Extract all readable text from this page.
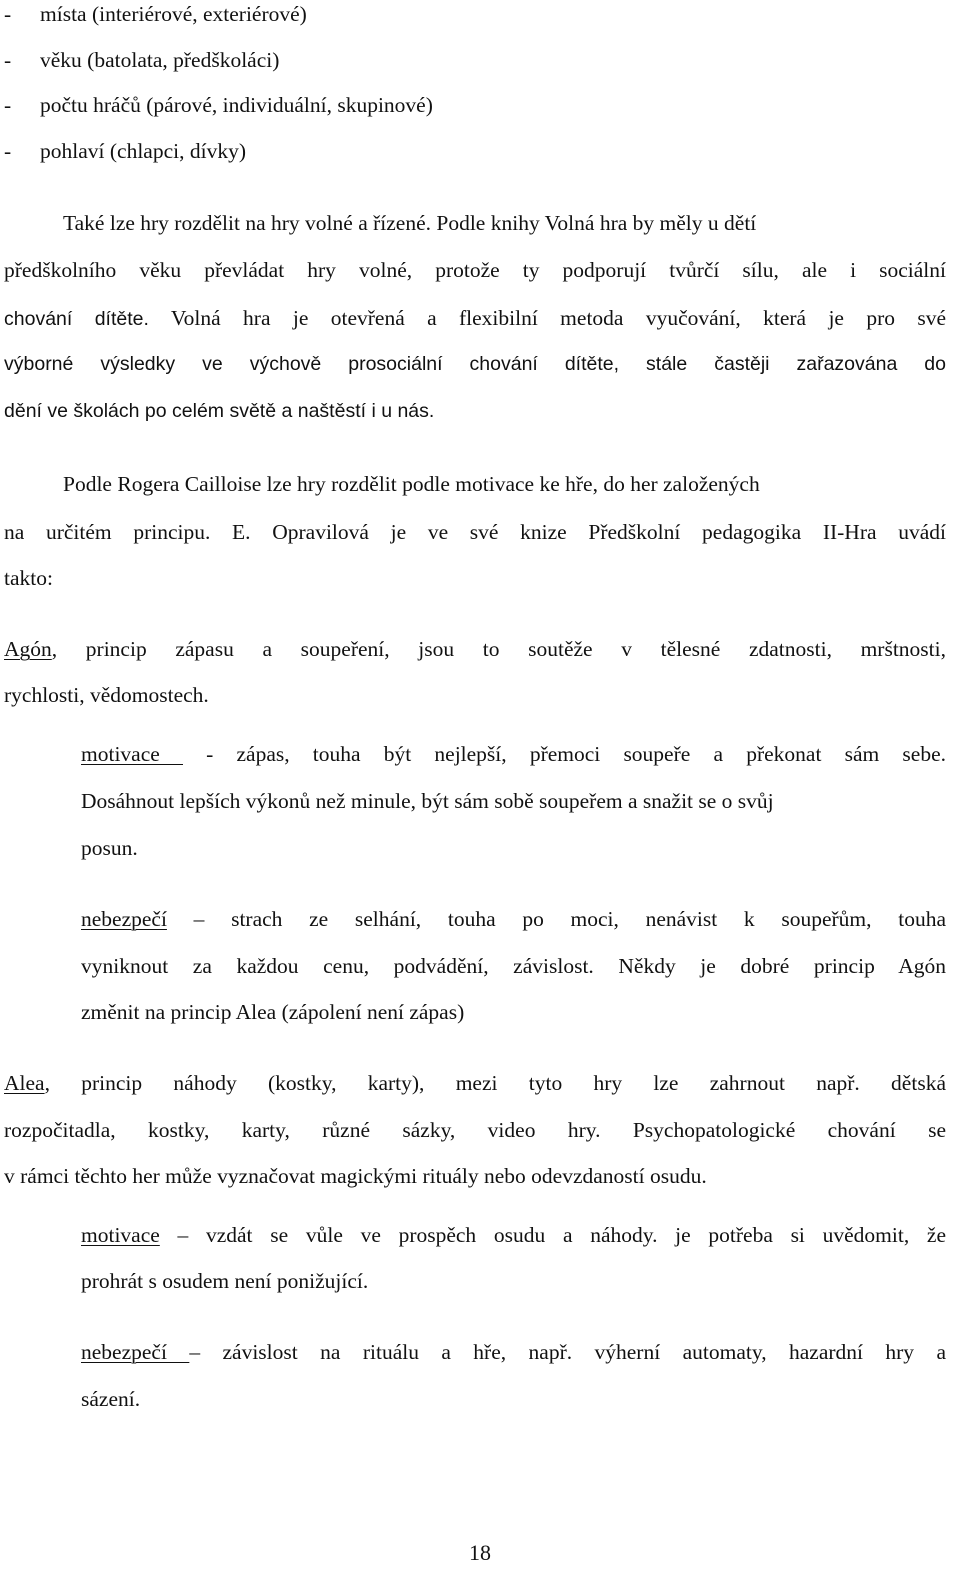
- místa (interiérové, exteriérové)
- věku (batolata, předškoláci)
- počtu hráčů (párové, individuální, skupinové)
- pohlaví (chlapci, dívky)
Také lze hry rozdělit na hry volné a řízené. Podle knihy Volná hra by měly u dětí
předškolního věku převládat hry volné, protože ty podporují tvůrčí sílu, ale i sociální
chování dítěte. Volná hra je otevřená a flexibilní metoda vyučování, která je pro své
výborné výsledky ve výchově prosociální chování dítěte, stále častěji zařazována do
dění ve školách po celém světě a naštěstí i u nás.
Podle Rogera Cailloise lze hry rozdělit podle motivace ke hře, do her založených
na určitém principu. E. Opravilová je ve své knize Předškolní pedagogika II-Hra uvádí
takto:
Agón, princip zápasu a soupeření, jsou to soutěže v tělesné zdatnosti, mrštnosti,
rychlosti, vědomostech.
motivace  - zápas, touha být nejlepší, přemoci soupeře a překonat sám sebe.
Dosáhnout lepších výkonů než minule, být sám sobě soupeřem a snažit se o svůj
posun.
nebezpečí – strach ze selhání, touha po moci, nenávist k soupeřům, touha
vyniknout za každou cenu, podvádění, závislost. Někdy je dobré princip Agón
změnit na princip Alea (zápolení není zápas)
Alea, princip náhody (kostky, karty), mezi tyto hry lze zahrnout např. dětská
rozpočitadla, kostky, karty, různé sázky, video hry. Psychopatologické chování se
v rámci těchto her může vyznačovat magickými rituály nebo odevzdaností osudu.
motivace – vzdát se vůle ve prospěch osudu a náhody. je potřeba si uvědomit, že
prohrát s osudem není ponižující.
nebezpečí – závislost na rituálu a hře, např. výherní automaty, hazardní hry a
sázení.
18
